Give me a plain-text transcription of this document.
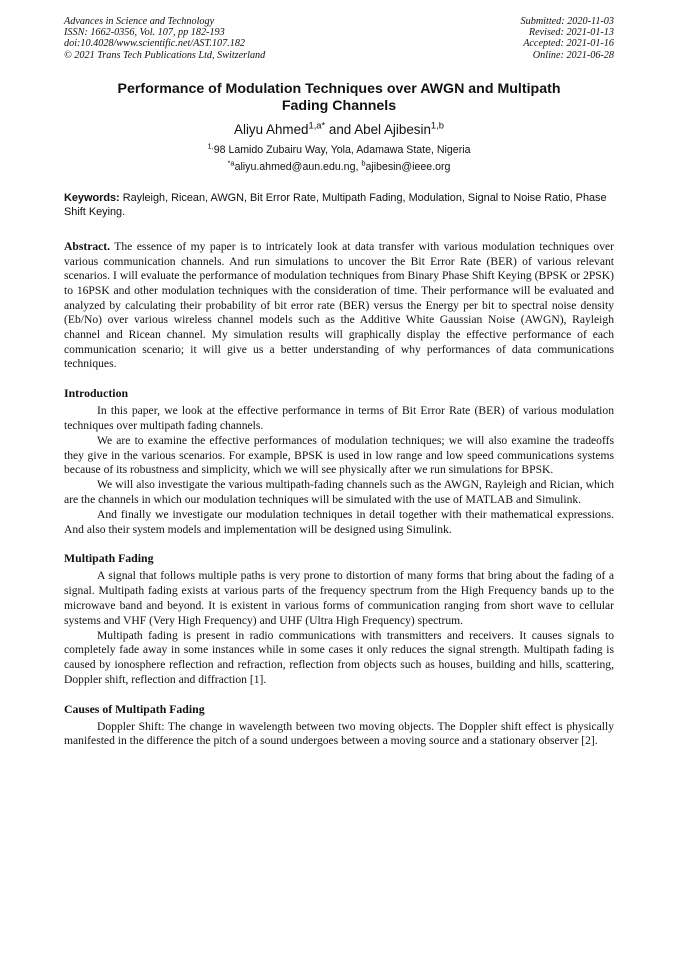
Advances in Science and Technology
ISSN: 1662-0356, Vol. 107, pp 182-193
doi:10.4028/www.scientific.net/AST.107.182
© 2021 Trans Tech Publications Ltd, Switzerland
Submitted: 2020-11-03
Revised: 2021-01-13
Accepted: 2021-01-16
Online: 2021-06-28
Performance of Modulation Techniques over AWGN and Multipath
Fading Channels
Aliyu Ahmed$^{1,a*}$ and Abel Ajibesin$^{1,b}$
$^{1,}$98 Lamido Zubairu Way, Yola, Adamawa State, Nigeria
$^{*a}$aliyu.ahmed@aun.edu.ng, $^b$ajibesin@ieee.org
Keywords: Rayleigh, Ricean, AWGN, Bit Error Rate, Multipath Fading, Modulation, Signal to Noise Ratio, Phase Shift Keying.
Abstract. The essence of my paper is to intricately look at data transfer with various modulation techniques over various communication channels. And run simulations to uncover the Bit Error Rate (BER) of various relevant scenarios. I will evaluate the performance of modulation techniques from Binary Phase Shift Keying (BPSK or 2PSK) to 16PSK and other modulation techniques with the consideration of time. Their performance will be evaluated and analyzed by calculating their probability of bit error rate (BER) versus the Energy per bit to spectral noise density (Eb/No) over various wireless channel models such as the Additive White Gaussian Noise (AWGN), Rayleigh channel and Ricean channel. My simulation results will graphically display the effective performance of each communication scenario; it will give us a better understanding of why performances of data communications techniques.
Introduction

In this paper, we look at the effective performance in terms of Bit Error Rate (BER) of various modulation techniques over multipath fading channels.

We are to examine the effective performances of modulation techniques; we will also examine the tradeoffs they give in the various scenarios. For example, BPSK is used in low range and low speed communications systems because of its robustness and simplicity, which we will see physically after we run simulations for BPSK.

We will also investigate the various multipath-fading channels such as the AWGN, Rayleigh and Rician, which are the channels in which our modulation techniques will be simulated with the use of MATLAB and Simulink.

And finally we investigate our modulation techniques in detail together with their mathematical expressions. And also their system models and implementation will be designed using Simulink.

Multipath Fading

A signal that follows multiple paths is very prone to distortion of many forms that bring about the fading of a signal. Multipath fading exists at various parts of the frequency spectrum from the High Frequency bands up to the microwave band and beyond. It is existent in various forms of communication ranging from short wave to cellular systems and VHF (Very High Frequency) and UHF (Ultra High Frequency) spectrum.

Multipath fading is present in radio communications with transmitters and receivers. It causes signals to completely fade away in some instances while in some cases it only reduces the signal strength. Multipath fading is caused by ionosphere reflection and refraction, reflection from objects such as houses, building and hills, scattering, Doppler shift, reflection and diffraction [1].

Causes of Multipath Fading

Doppler Shift: The change in wavelength between two moving objects. The Doppler shift effect is physically manifested in the difference the pitch of a sound undergoes between a moving source and a stationary observer [2].
